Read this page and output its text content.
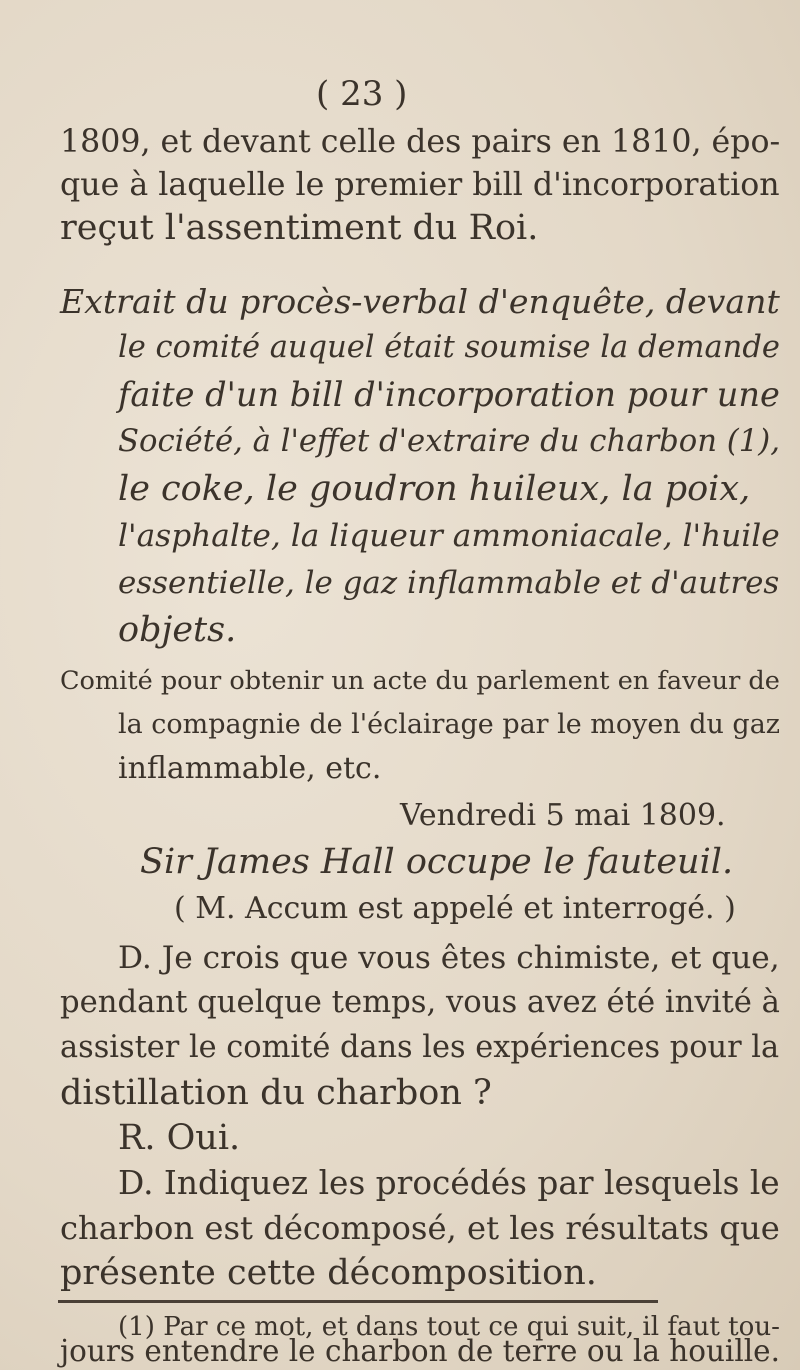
( 23 )
1809, et devant celle des pairs en 1810, épo-
que à laquelle le premier bill d'incorporation
reçut l'assentiment du Roi.
Extrait du procès-verbal d'enquête, devant
le comité auquel était soumise la demande
faite d'un bill d'incorporation pour une
Société, à l'effet d'extraire du charbon (1),
le coke, le goudron huileux, la poix,
l'asphalte, la liqueur ammoniacale, l'huile
essentielle, le gaz inflammable et d'autres
objets.
Comité pour obtenir un acte du parlement en faveur de
la compagnie de l'éclairage par le moyen du gaz
inflammable, etc.
Vendredi 5 mai 1809.
Sir James Hall occupe le fauteuil.
( M. Accum est appelé et interrogé. )
D. Je crois que vous êtes chimiste, et que,
pendant quelque temps, vous avez été invité à
assister le comité dans les expériences pour la
distillation du charbon ?
R. Oui.
D. Indiquez les procédés par lesquels le
charbon est décomposé, et les résultats que
présente cette décomposition.
(1) Par ce mot, et dans tout ce qui suit, il faut tou-
jours entendre le charbon de terre ou la houille.
